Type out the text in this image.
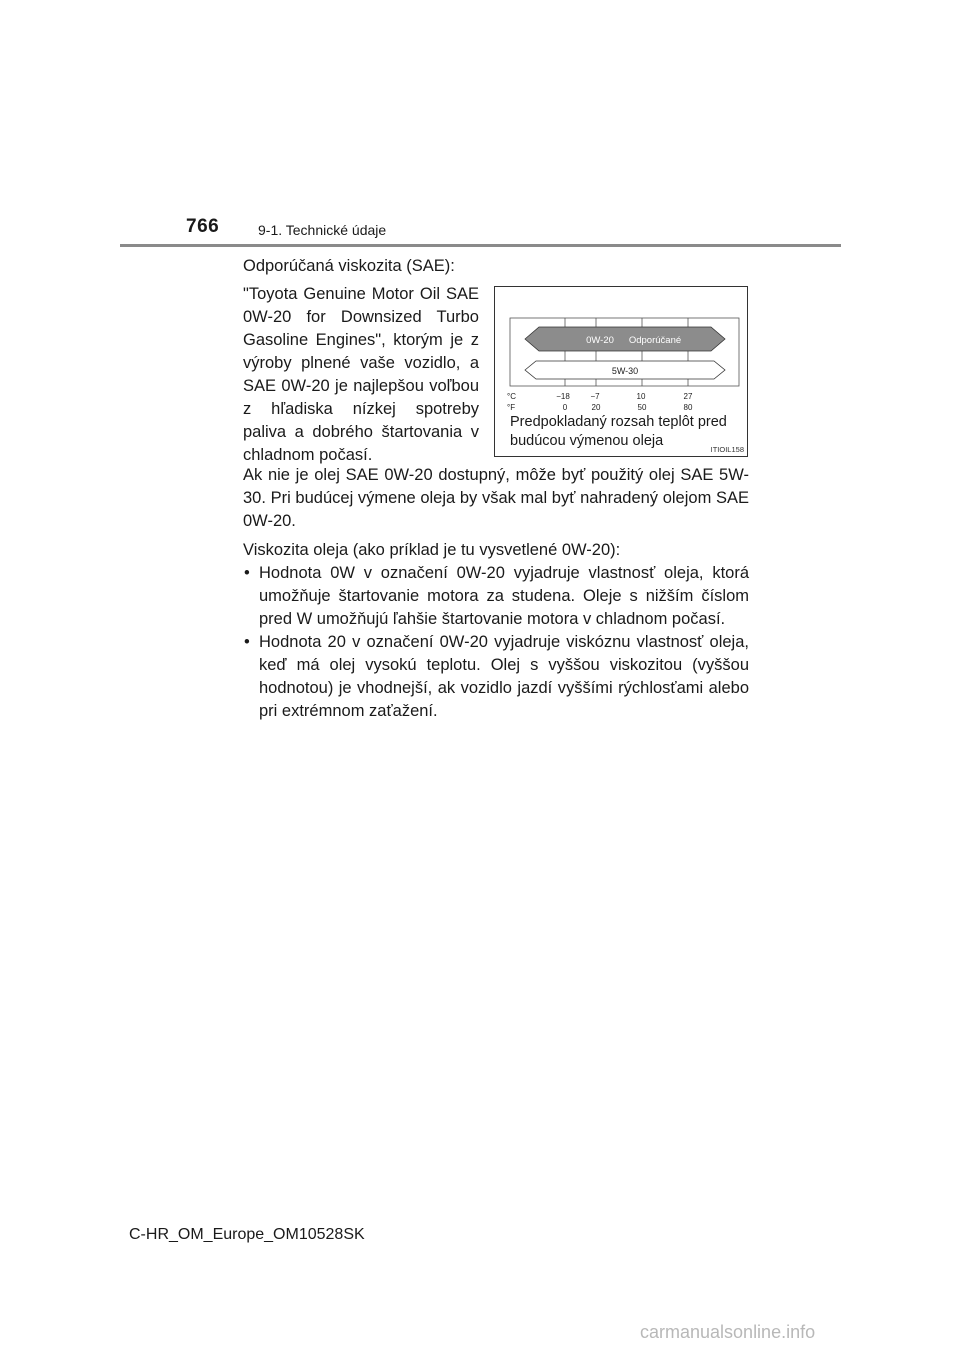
766	9-1. Technické údaje
Odporúčaná viskozita (SAE):
"Toyota Genuine Motor Oil SAE 0W-20 for Downsized Turbo Gasoline Engines", ktorým je z výroby plnené vaše vozidlo, a SAE 0W-20 je najlepšou voľbou z hľadiska nízkej spotreby paliva a dobrého štartovania v chladnom počasí.
0W-20 Odporúčané
5W-30
°C
°F
−18	−7	10	27
0	20	50	80
Predpokladaný rozsah teplôt pred budúcou výmenou oleja
ITIOIL158
Ak nie je olej SAE 0W-20 dostupný, môže byť použitý olej SAE 5W-30. Pri budúcej výmene oleja by však mal byť nahradený olejom SAE 0W-20.
Viskozita oleja (ako príklad je tu vysvetlené 0W-20):
• Hodnota 0W v označení 0W-20 vyjadruje vlastnosť oleja, ktorá umožňuje štartovanie motora za studena. Oleje s nižším číslom pred W umožňujú ľahšie štartovanie motora v chladnom počasí.
• Hodnota 20 v označení 0W-20 vyjadruje viskóznu vlastnosť oleja, keď má olej vysokú teplotu. Olej s vyššou viskozitou (vyššou hodnotou) je vhodnejší, ak vozidlo jazdí vyššími rýchlosťami alebo pri extrémnom zaťažení.
C-HR_OM_Europe_OM10528SK
carmanualsonline.info
